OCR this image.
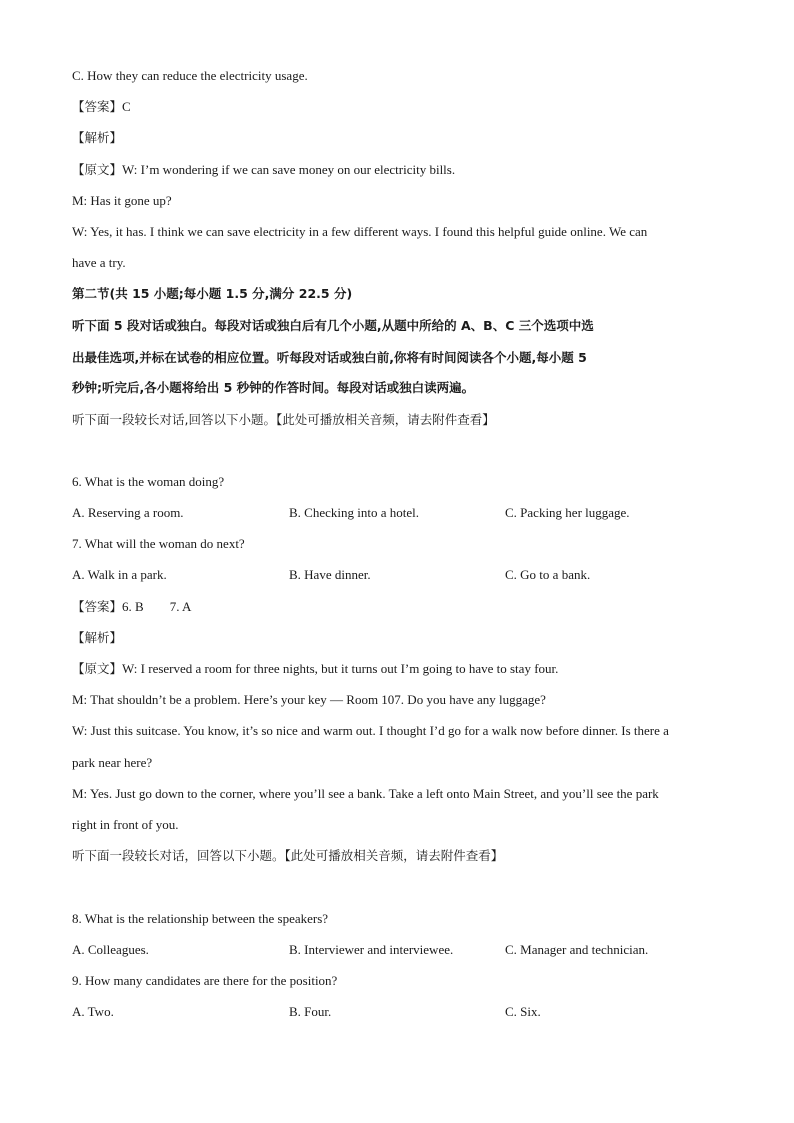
C. How they can reduce the electricity usage.
【答案】C
【解析】
【原文】W: I’m wondering if we can save money on our electricity bills.
M: Has it gone up?
W: Yes, it has. I think we can save electricity in a few different ways. I found this helpful guide online. We can
have a try.
第二节(共 15 小题;每小题 1.5 分,满分 22.5 分)
听下面 5 段对话或独白。每段对话或独白后有几个小题,从题中所给的 A、B、C 三个选项中选
出最佳选项,并标在试卷的相应位置。听每段对话或独白前,你将有时间阅读各个小题,每小题 5
秒钟;听完后,各小题将给出 5 秒钟的作答时间。每段对话或独白读两遍。
听下面一段较长对话,回答以下小题。【此处可播放相关音频，请去附件查看】
6. What is the woman doing?
A. Reserving a room.	B. Checking into a hotel.	C. Packing her luggage.
7. What will the woman do next?
A. Walk in a park.	B. Have dinner.	C. Go to a bank.
【答案】6. B 7. A
【解析】
【原文】W: I reserved a room for three nights, but it turns out I’m going to have to stay four.
M: That shouldn’t be a problem. Here’s your key — Room 107. Do you have any luggage?
W: Just this suitcase. You know, it’s so nice and warm out. I thought I’d go for a walk now before dinner. Is there a
park near here?
M: Yes. Just go down to the corner, where you’ll see a bank. Take a left onto Main Street, and you’ll see the park
right in front of you.
听下面一段较长对话，回答以下小题。【此处可播放相关音频，请去附件查看】
8. What is the relationship between the speakers?
A. Colleagues.	B. Interviewer and interviewee.	C. Manager and technician.
9. How many candidates are there for the position?
A. Two.	B. Four.	C. Six.
